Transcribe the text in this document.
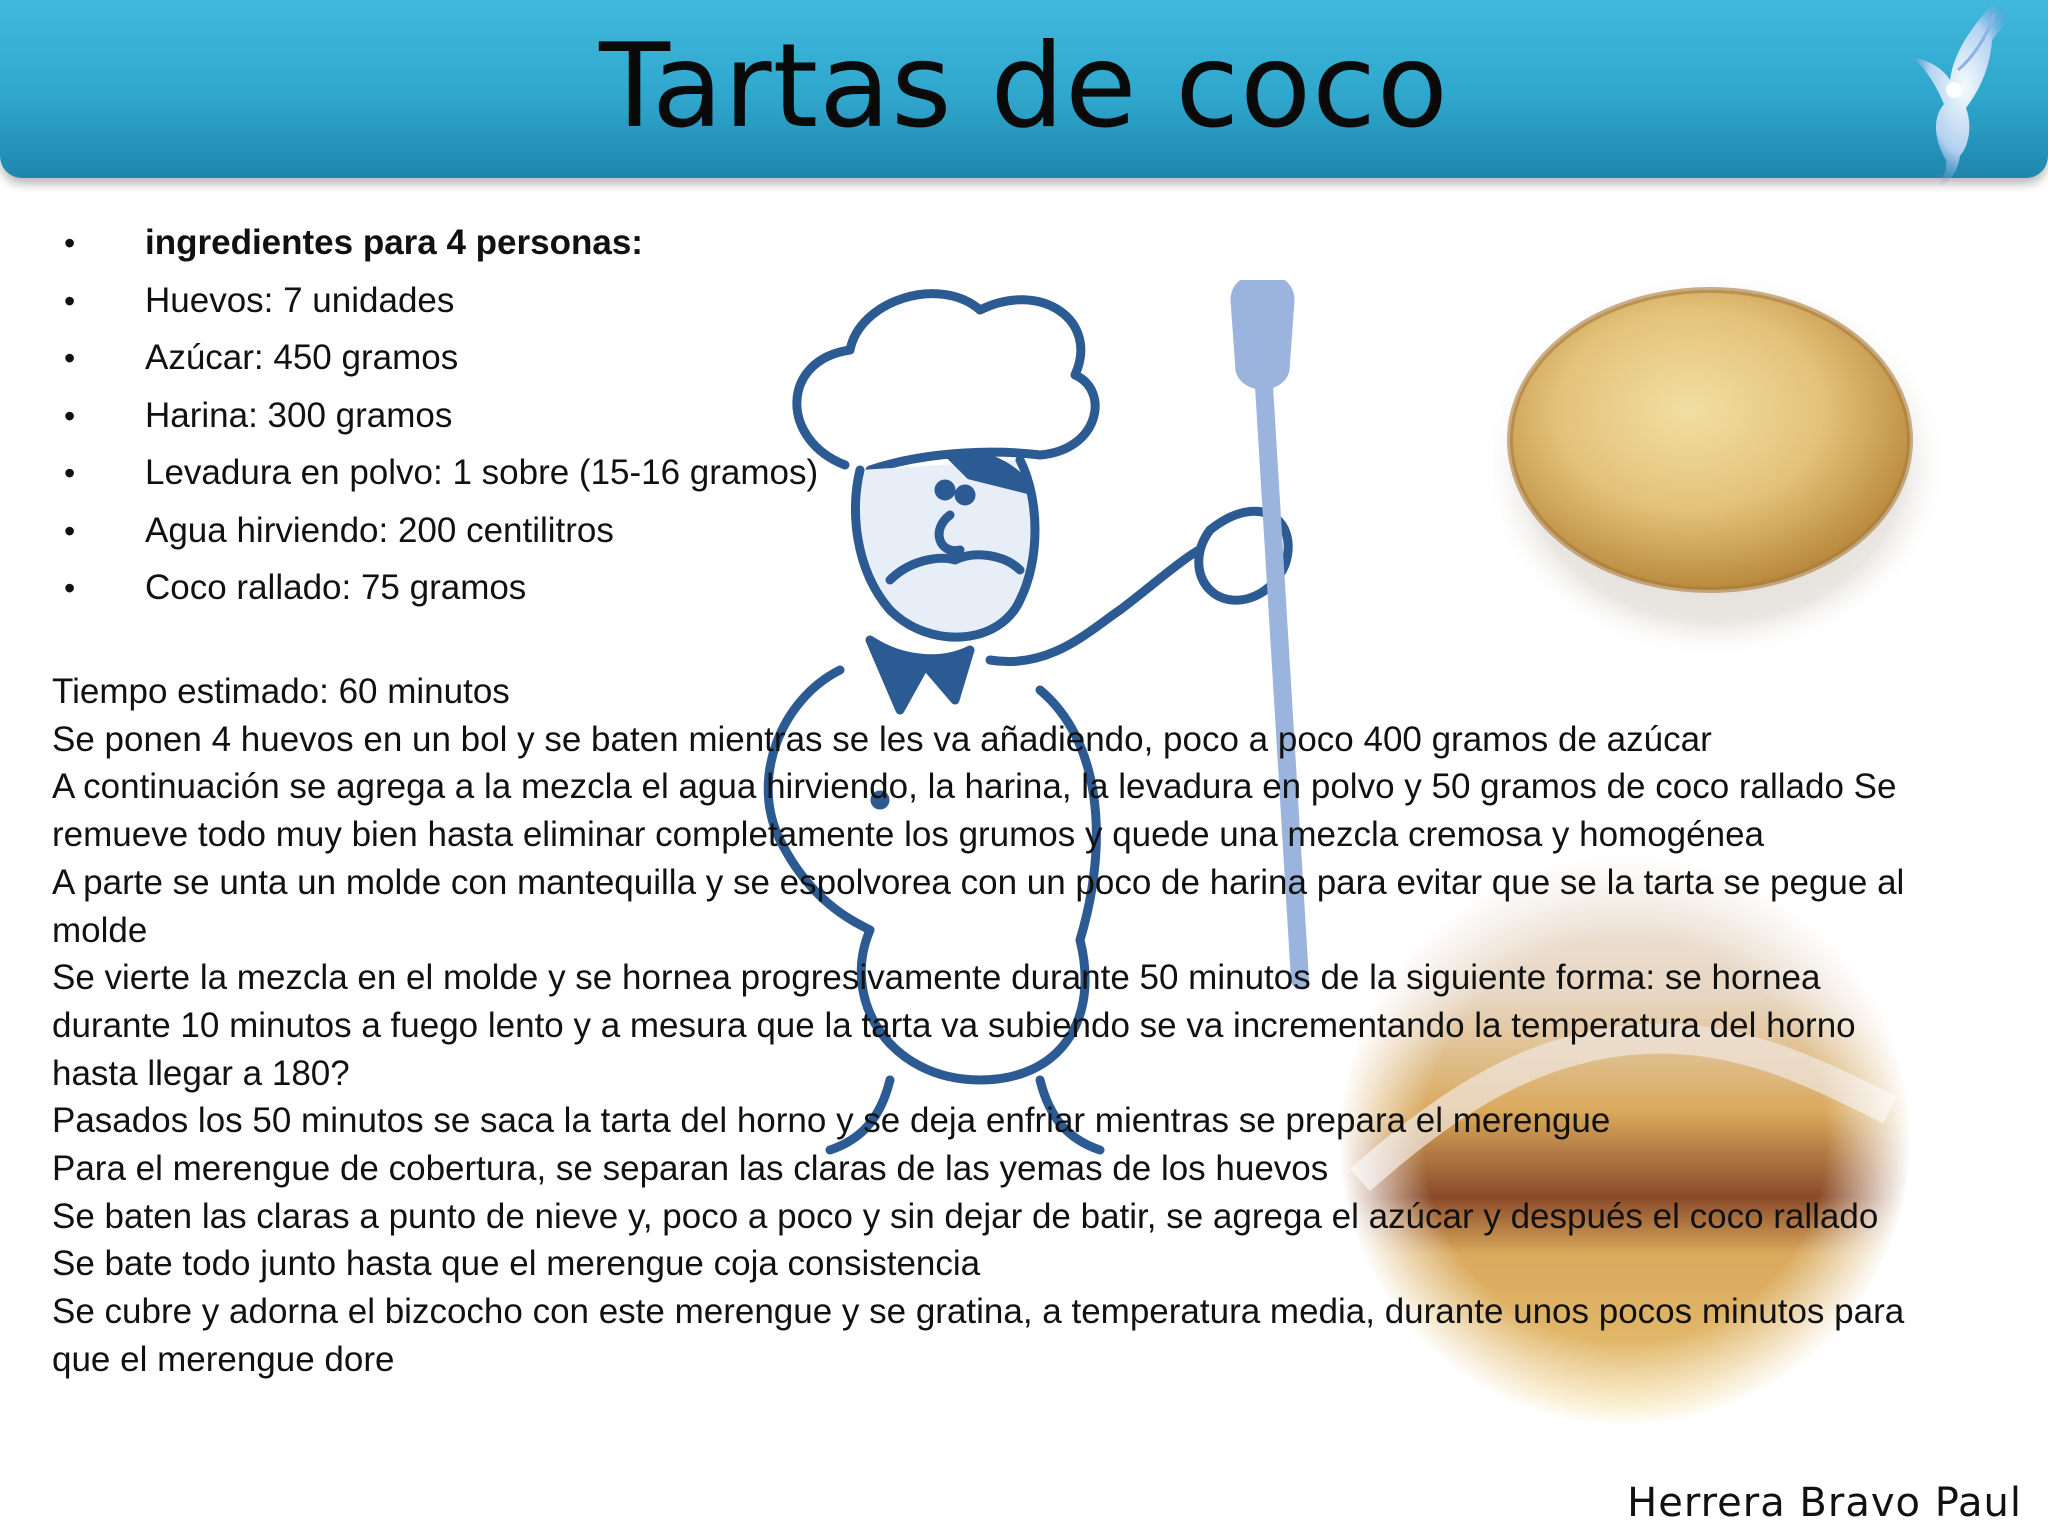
Tartas de coco
• ingredientes para 4 personas:
• Huevos: 7 unidades
• Azúcar: 450 gramos
• Harina: 300 gramos
• Levadura en polvo: 1 sobre (15-16 gramos)
• Agua hirviendo: 200 centilitros
• Coco rallado: 75 gramos

Tiempo estimado: 60 minutos

Se ponen 4 huevos en un bol y se baten mientras se les va añadiendo, poco a poco 400 gramos de azúcar

A continuación se agrega a la mezcla el agua hirviendo, la harina, la levadura en polvo y 50 gramos de coco rallado Se remueve todo muy bien hasta eliminar completamente los grumos y quede una mezcla cremosa y homogénea

A parte se unta un molde con mantequilla y se espolvorea con un poco de harina para evitar que se la tarta se pegue al molde

Se vierte la mezcla en el molde y se hornea progresivamente durante 50 minutos de la siguiente forma: se hornea durante 10 minutos a fuego lento y a mesura que la tarta va subiendo se va incrementando la temperatura del horno hasta llegar a 180?

Pasados los 50 minutos se saca la tarta del horno y se deja enfriar mientras se prepara el merengue

Para el merengue de cobertura, se separan las claras de las yemas de los huevos

Se baten las claras a punto de nieve y, poco a poco y sin dejar de batir, se agrega el azúcar y después el coco rallado Se bate todo junto hasta que el merengue coja consistencia

Se cubre y adorna el bizcocho con este merengue y se gratina, a temperatura media, durante unos pocos minutos para que el merengue dore

Herrera Bravo Paul
